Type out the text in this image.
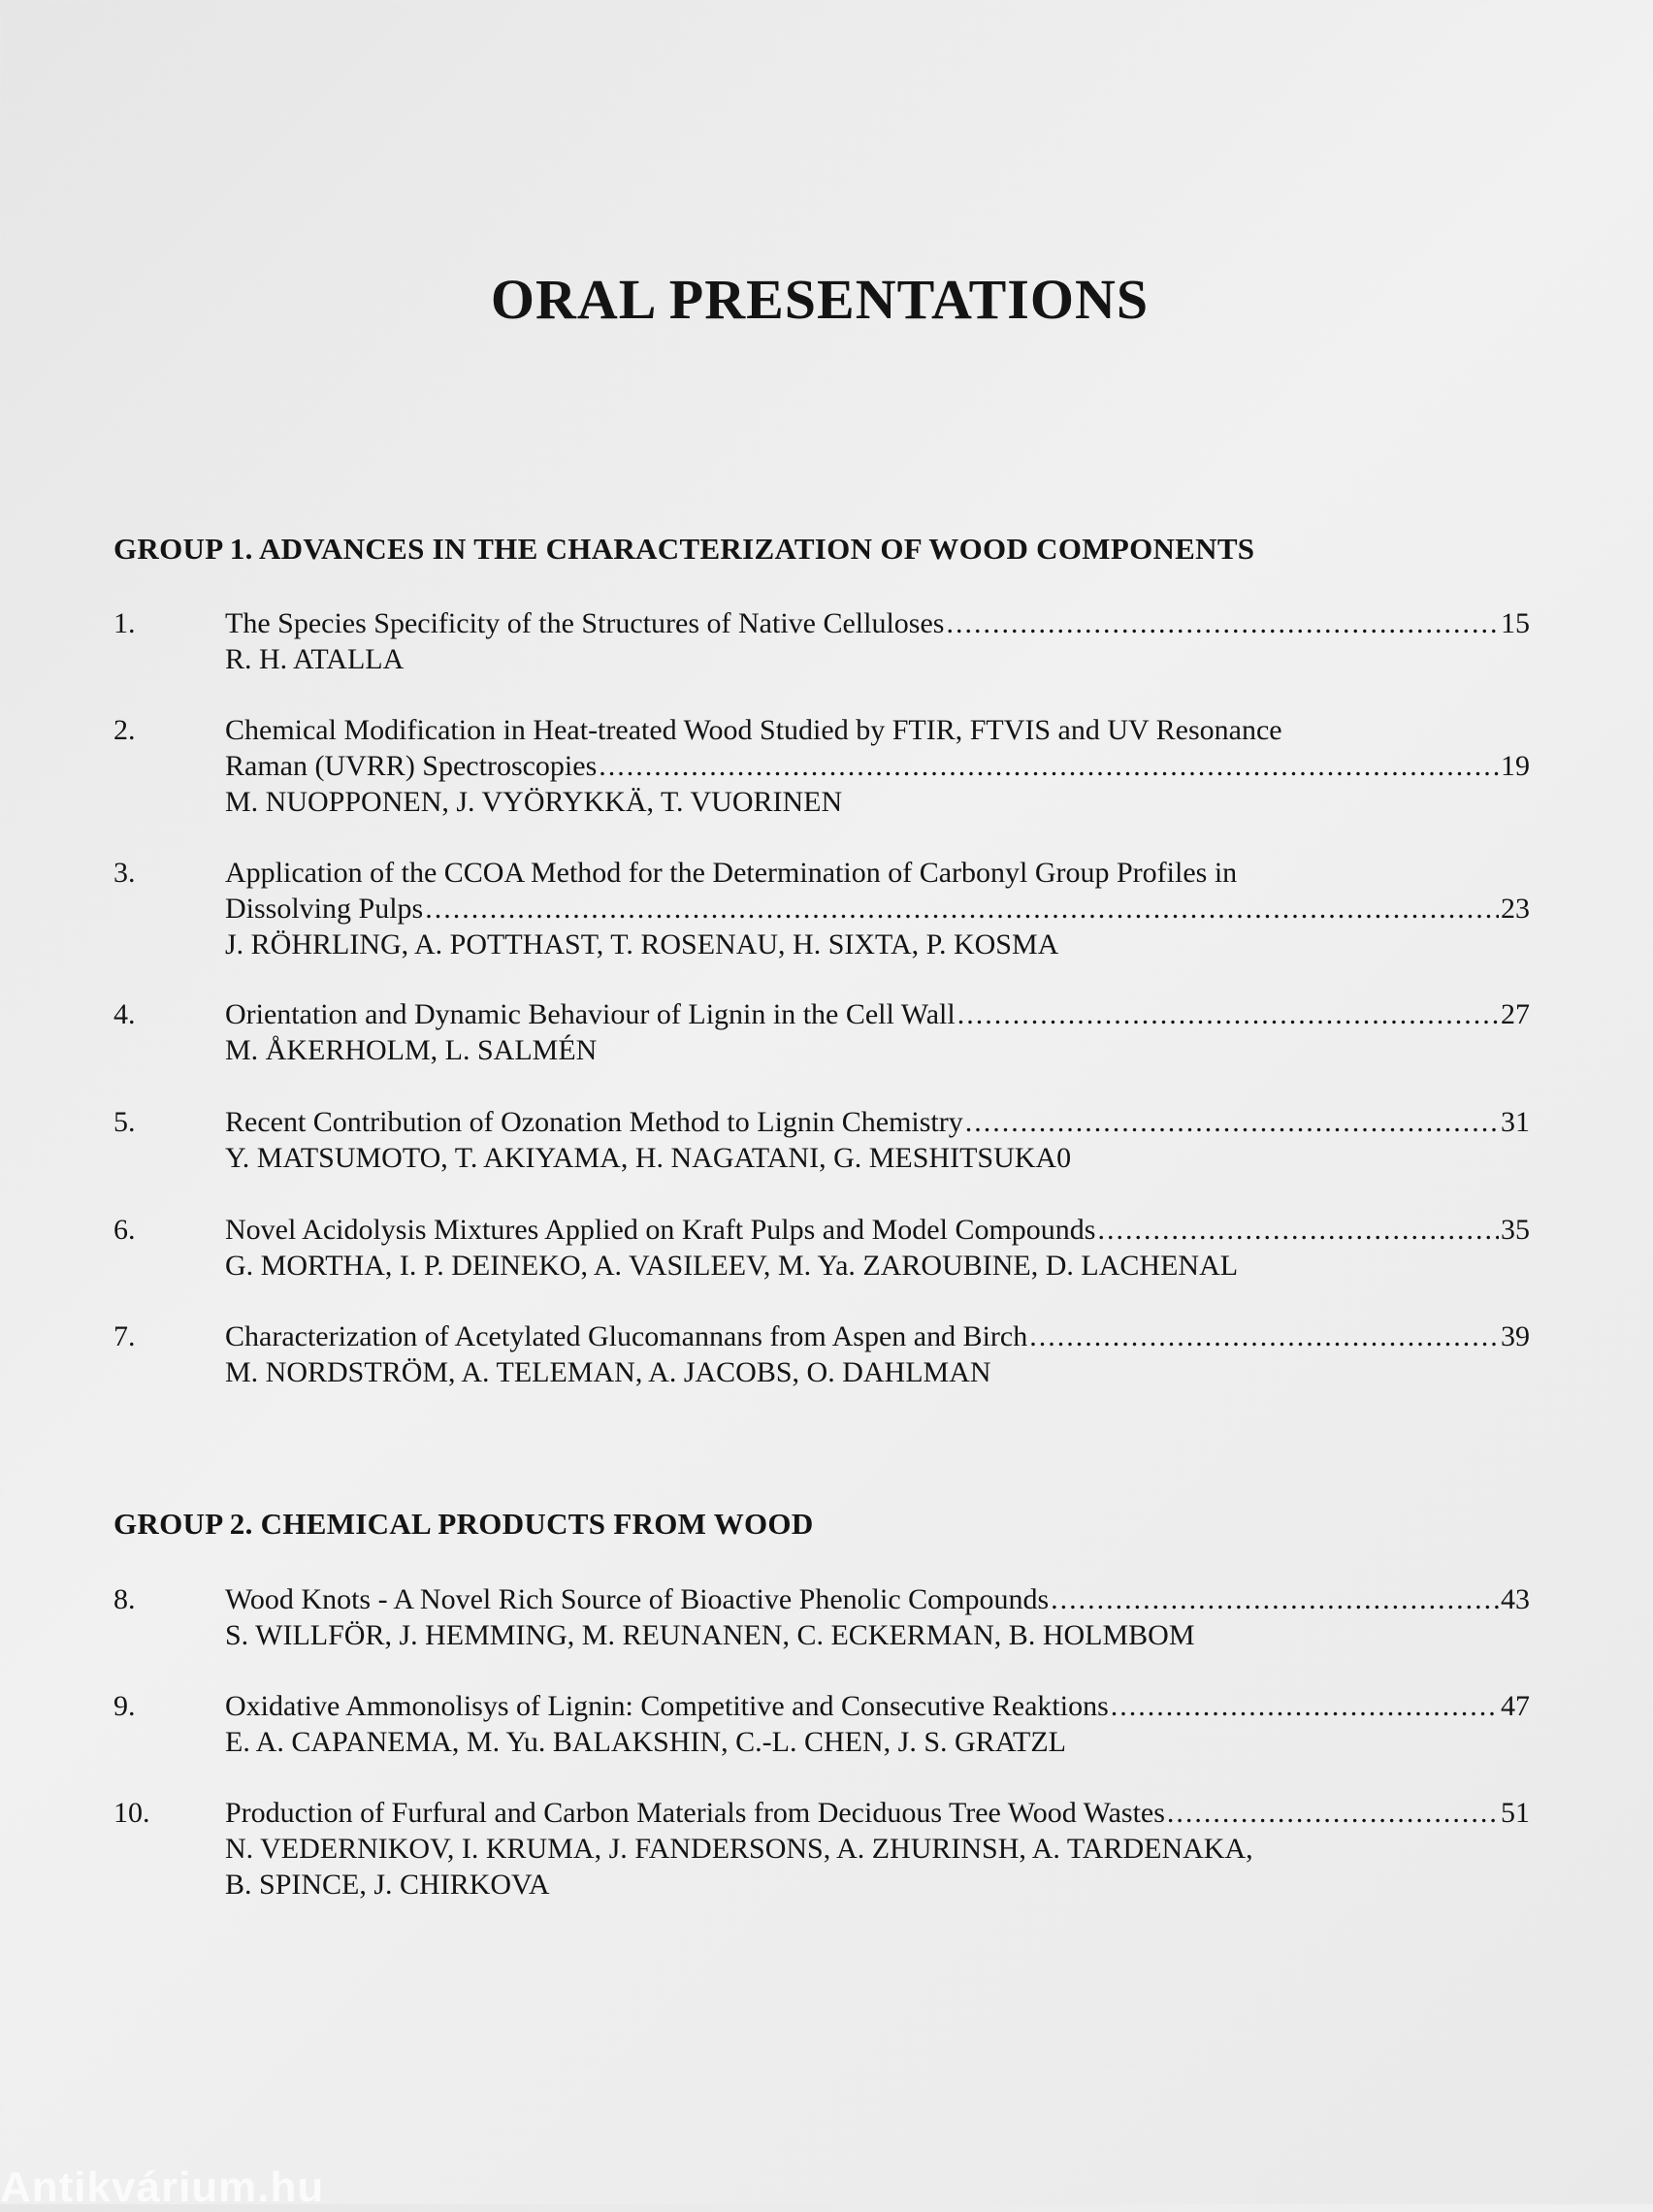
ORAL PRESENTATIONS
GROUP 1. ADVANCES IN THE CHARACTERIZATION OF WOOD COMPONENTS
1.	The Species Specificity of the Structures of Native Celluloses .....	15
R. H. ATALLA
2.	Chemical Modification in Heat-treated Wood Studied by FTIR, FTVIS and UV Resonance
Raman (UVRR) Spectroscopies .....	19
M. NUOPPONEN, J. VYÖRYKKÄ, T. VUORINEN
3.	Application of the CCOA Method for the Determination of Carbonyl Group Profiles in
Dissolving Pulps .....	23
J. RÖHRLING, A. POTTHAST, T. ROSENAU, H. SIXTA, P. KOSMA
4.	Orientation and Dynamic Behaviour of Lignin in the Cell Wall .....	27
M. ÅKERHOLM, L. SALMÉN
5.	Recent Contribution of Ozonation Method to Lignin Chemistry .....	31
Y. MATSUMOTO, T. AKIYAMA, H. NAGATANI, G. MESHITSUKA0
6.	Novel Acidolysis Mixtures Applied on Kraft Pulps and Model Compounds .....	35
G. MORTHA, I. P. DEINEKO, A. VASILEEV, M. Ya. ZAROUBINE, D. LACHENAL
7.	Characterization of Acetylated Glucomannans from Aspen and Birch .....	39
M. NORDSTRÖM, A. TELEMAN, A. JACOBS, O. DAHLMAN
GROUP 2. CHEMICAL PRODUCTS FROM WOOD
8.	Wood Knots - A Novel Rich Source of Bioactive Phenolic Compounds .....	43
S. WILLFÖR, J. HEMMING, M. REUNANEN, C. ECKERMAN, B. HOLMBOM
9.	Oxidative Ammonolisys of Lignin: Competitive and Consecutive Reaktions .....	47
E. A. CAPANEMA, M. Yu. BALAKSHIN, C.-L. CHEN, J. S. GRATZL
10.	Production of Furfural and Carbon Materials from Deciduous Tree Wood Wastes .....	51
N. VEDERNIKOV, I. KRUMA, J. FANDERSONS, A. ZHURINSH, A. TARDENAKA,
B. SPINCE, J. CHIRKOVA
Antikvárium.hu
